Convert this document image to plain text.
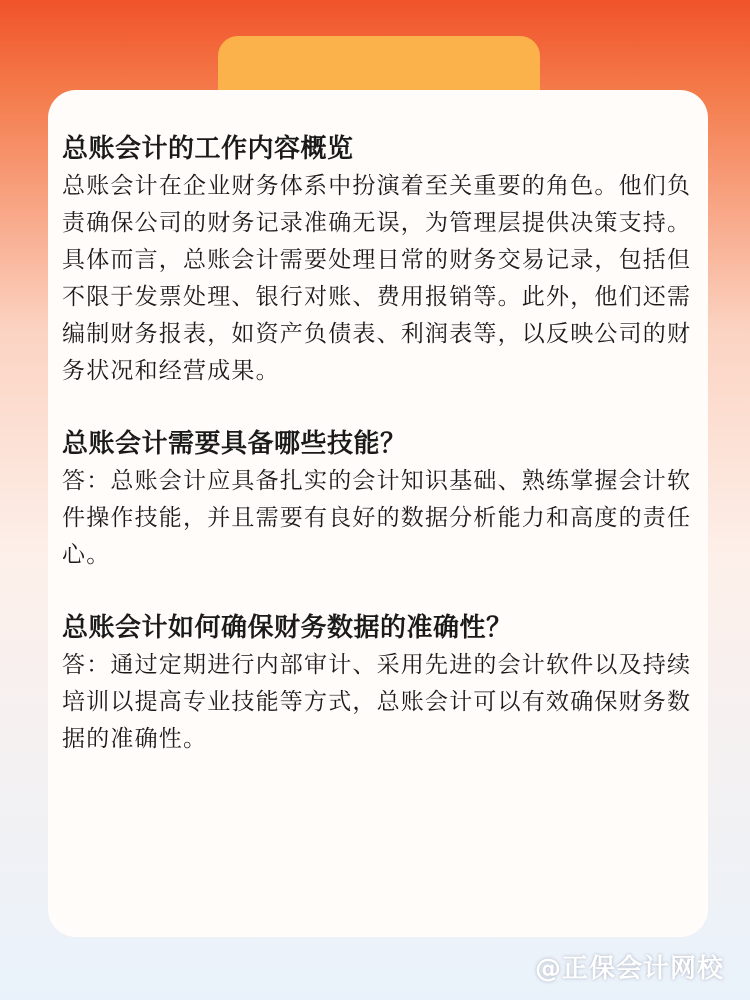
总账会计的工作内容概览

总账会计在企业财务体系中扮演着至关重要的角色。他们负责确保公司的财务记录准确无误，为管理层提供决策支持。

具体而言，总账会计需要处理日常的财务交易记录，包括但不限于发票处理、银行对账、费用报销等。此外，他们还需编制财务报表，如资产负债表、利润表等，以反映公司的财务状况和经营成果。

总账会计需要具备哪些技能？

答：总账会计应具备扎实的会计知识基础、熟练掌握会计软件操作技能，并且需要有良好的数据分析能力和高度的责任心。

总账会计如何确保财务数据的准确性？

答：通过定期进行内部审计、采用先进的会计软件以及持续培训以提高专业技能等方式，总账会计可以有效确保财务数据的准确性。

@正保会计网校
